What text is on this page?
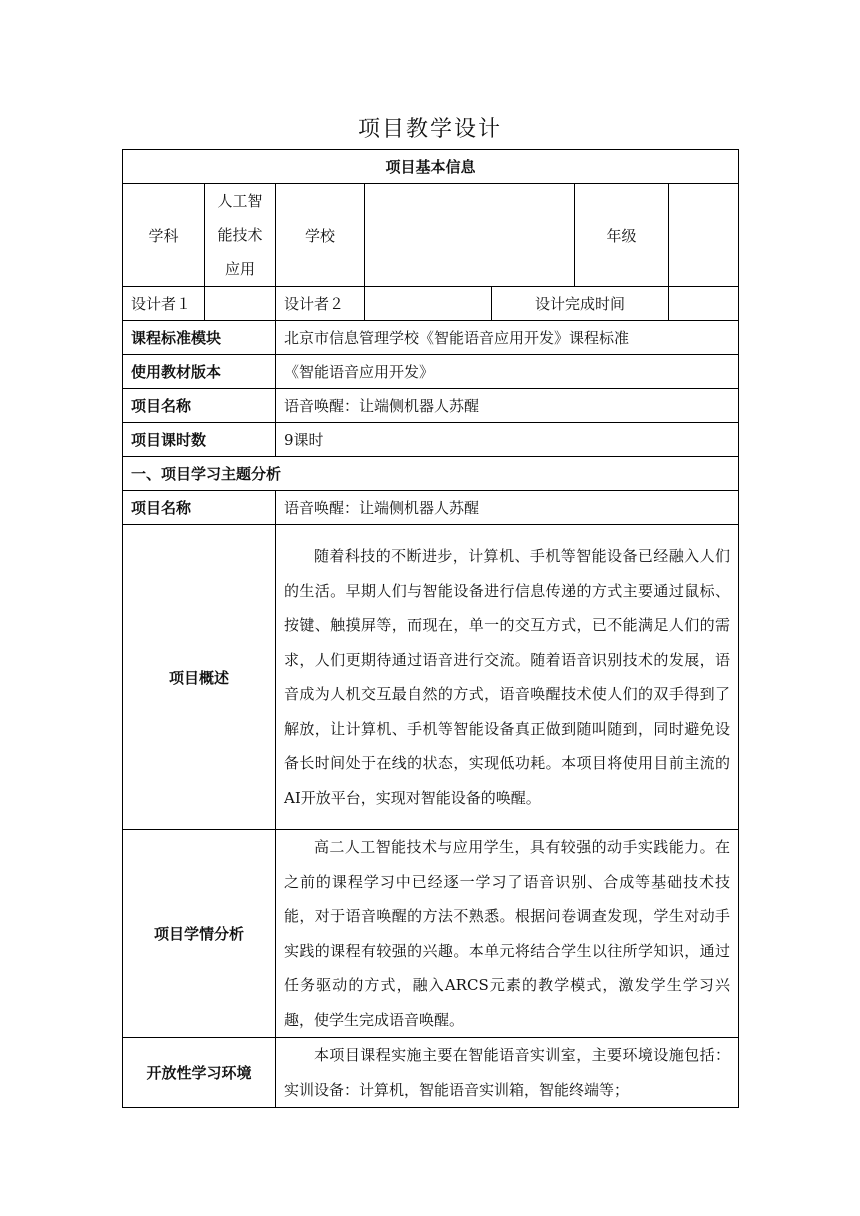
项目教学设计
项目基本信息						
学科	人工智能技术应用	学校			年级	
设计者１		设计者２		设计完成时间		
课程标准模块		北京市信息管理学校《智能语音应用开发》课程标准				
使用教材版本		《智能语音应用开发》				
项目名称		语音唤醒：让端侧机器人苏醒				
项目课时数		9课时				
一、项目学习主题分析						
项目名称		语音唤醒：让端侧机器人苏醒				
项目概述		随着科技的不断进步，计算机、手机等智能设备已经融入人们的生活。早期人们与智能设备进行信息传递的方式主要通过鼠标、按键、触摸屏等，而现在，单一的交互方式，已不能满足人们的需求，人们更期待通过语音进行交流。随着语音识别技术的发展，语音成为人机交互最自然的方式，语音唤醒技术使人们的双手得到了解放，让计算机、手机等智能设备真正做到随叫随到，同时避免设备长时间处于在线的状态，实现低功耗。本项目将使用目前主流的AI开放平台，实现对智能设备的唤醒。				
项目学情分析		高二人工智能技术与应用学生，具有较强的动手实践能力。在之前的课程学习中已经逐一学习了语音识别、合成等基础技术技能，对于语音唤醒的方法不熟悉。根据问卷调查发现，学生对动手实践的课程有较强的兴趣。本单元将结合学生以往所学知识，通过任务驱动的方式，融入ARCS元素的教学模式，激发学生学习兴趣，使学生完成语音唤醒。				
开放性学习环境		本项目课程实施主要在智能语音实训室，主要环境设施包括：实训设备：计算机，智能语音实训箱，智能终端等；				
